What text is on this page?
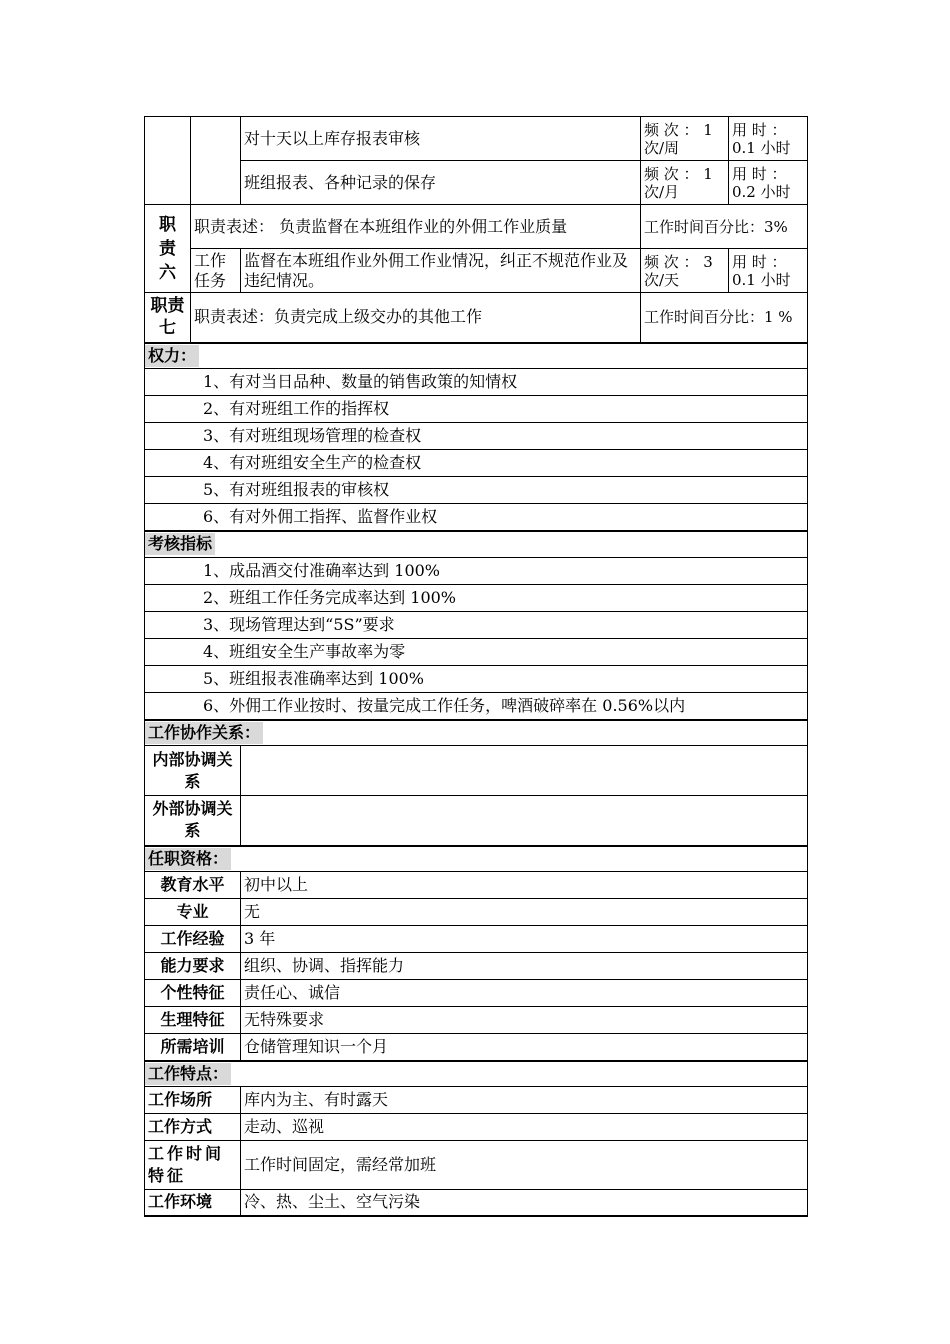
		对十天以上库存报表审核	频 次 ： 1 次/周	用 时 ： 0.1 小时
		班组报表、各种记录的保存	频 次 ： 1 次/月	用 时 ： 0.2 小时
职责六	职责表述： 负责监督在本班组作业的外佣工作业质量		工作时间百分比：3%	
	工作任务	监督在本班组作业外佣工作业情况，纠正不规范作业及违纪情况。	频 次 ： 3 次/天	用 时 ： 0.1 小时
职责七	职责表述：负责完成上级交办的其他工作		工作时间百分比：1 %	
权力：				
1、有对当日品种、数量的销售政策的知情权				
2、有对班组工作的指挥权				
3、有对班组现场管理的检查权				
4、有对班组安全生产的检查权				
5、有对班组报表的审核权				
6、有对外佣工指挥、监督作业权				
考核指标				
1、成品酒交付准确率达到 100%				
2、班组工作任务完成率达到 100%				
3、现场管理达到“5S”要求				
4、班组安全生产事故率为零				
5、班组报表准确率达到 100%				
6、外佣工作业按时、按量完成工作任务，啤酒破碎率在 0.56%以内				
工作协作关系：				
内部协调关系				
外部协调关系				
任职资格：				
教育水平		初中以上		
专业		无		
工作经验		3 年		
能力要求		组织、协调、指挥能力		
个性特征		责任心、诚信		
生理特征		无特殊要求		
所需培训		仓储管理知识一个月		
工作特点：				
工作场所		库内为主、有时露天		
工作方式		走动、巡视		
工作时间特征		工作时间固定，需经常加班		
工作环境		冷、热、尘土、空气污染		
